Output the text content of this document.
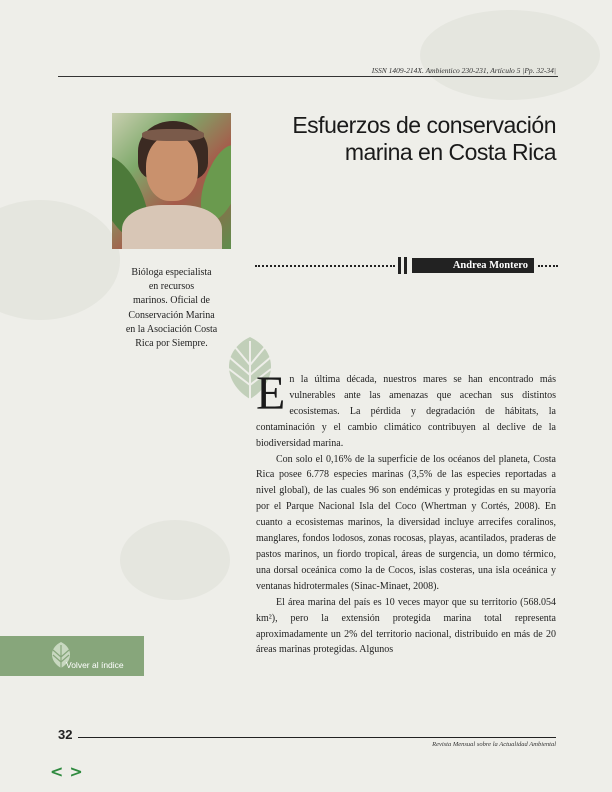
ISSN 1409-214X. Ambientico 230-231, Artículo 5 |Pp. 32-34|
Esfuerzos de conservación
marina en Costa Rica
Bióloga especialista
en recursos
marinos. Oficial de
Conservación Marina
en la Asociación Costa
Rica por Siempre.
Andrea Montero

En la última década, nuestros mares se han encontrado más vulnerables ante las amenazas que acechan sus distintos ecosistemas. La pérdida y degradación de hábitats, la contaminación y el cambio climático contribuyen al declive de la biodiversidad marina.

Con solo el 0,16% de la superficie de los océanos del planeta, Costa Rica posee 6.778 especies marinas (3,5% de las especies reportadas a nivel global), de las cuales 96 son endémicas y protegidas en su mayoría por el Parque Nacional Isla del Coco (Whertman y Cortés, 2008). En cuanto a ecosistemas marinos, la diversidad incluye arrecifes coralinos, manglares, fondos lodosos, zonas rocosas, playas, acantilados, praderas de pastos marinos, un fiordo tropical, áreas de surgencia, un domo térmico, una dorsal oceánica como la de Cocos, islas costeras, una isla oceánica y ventanas hidrotermales (Sinac-Minaet, 2008).

El área marina del país es 10 veces mayor que su territorio (568.054 km²), pero la extensión protegida marina total representa aproximadamente un 2% del territorio nacional, distribuido en más de 20 áreas marinas protegidas. Algunos

Volver al índice
32
Revista Mensual sobre la Actualidad Ambiental
< >
